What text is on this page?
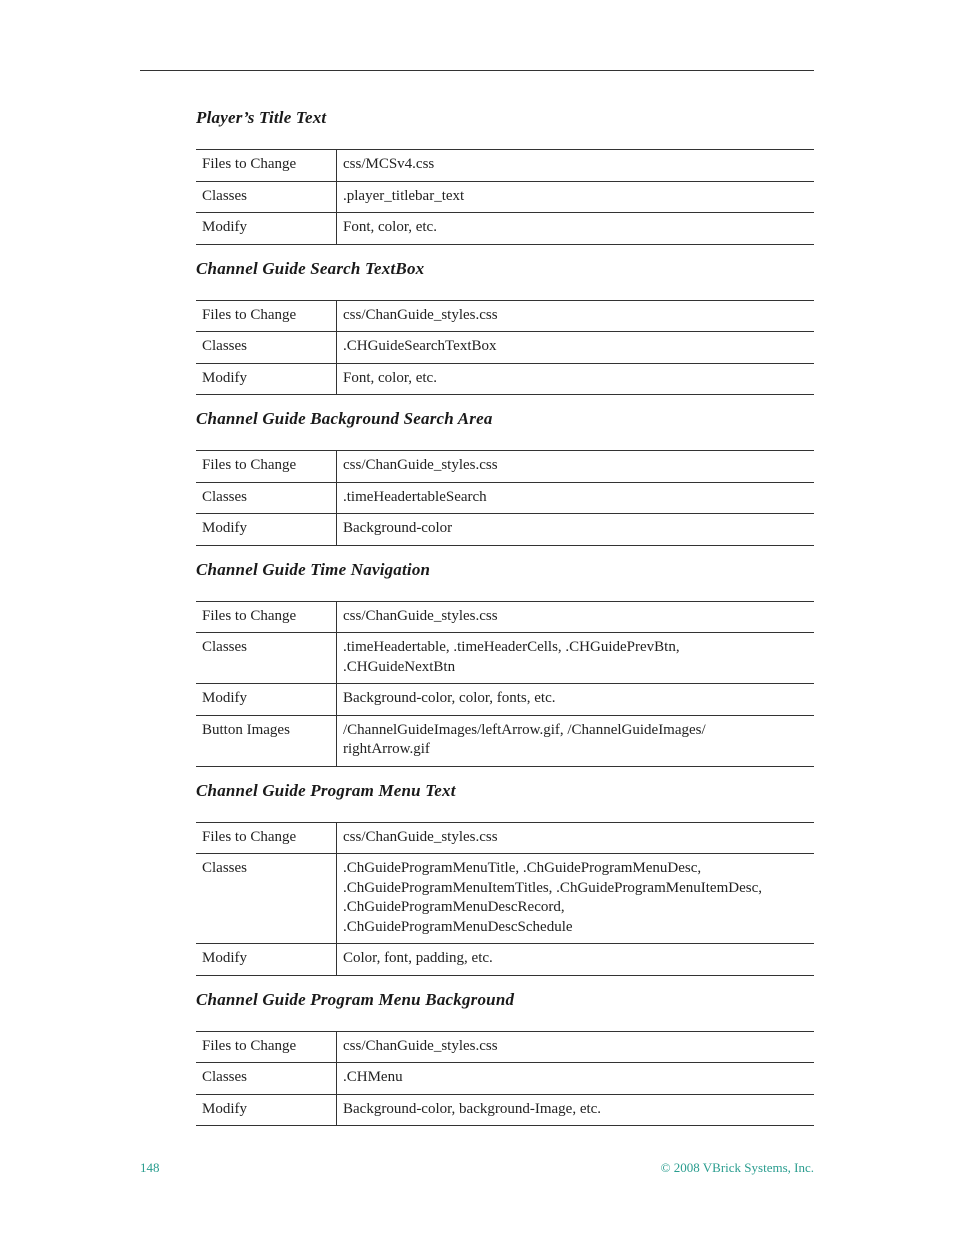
Player’s Title Text
Files to Change	css/MCSv4.css

Classes	.player_titlebar_text

Modify	Font, color, etc.
Channel Guide Search TextBox
Files to Change	css/ChanGuide_styles.css

Classes	.CHGuideSearchTextBox

Modify	Font, color, etc.
Channel Guide Background Search Area
Files to Change	css/ChanGuide_styles.css

Classes	.timeHeadertableSearch

Modify	Background-color
Channel Guide Time Navigation
Files to Change	css/ChanGuide_styles.css

Classes	.timeHeadertable, .timeHeaderCells, .CHGuidePrevBtn,
.CHGuideNextBtn

Modify	Background-color, color, fonts, etc.

Button Images	/ChannelGuideImages/leftArrow.gif, /ChannelGuideImages/
rightArrow.gif
Channel Guide Program Menu Text
Files to Change	css/ChanGuide_styles.css

Classes	.ChGuideProgramMenuTitle, .ChGuideProgramMenuDesc,
.ChGuideProgramMenuItemTitles, .ChGuideProgramMenuItemDesc,
.ChGuideProgramMenuDescRecord,
.ChGuideProgramMenuDescSchedule

Modify	Color, font, padding, etc.
Channel Guide Program Menu Background
Files to Change	css/ChanGuide_styles.css

Classes	.CHMenu

Modify	Background-color, background-Image, etc.
148	© 2008 VBrick Systems, Inc.
